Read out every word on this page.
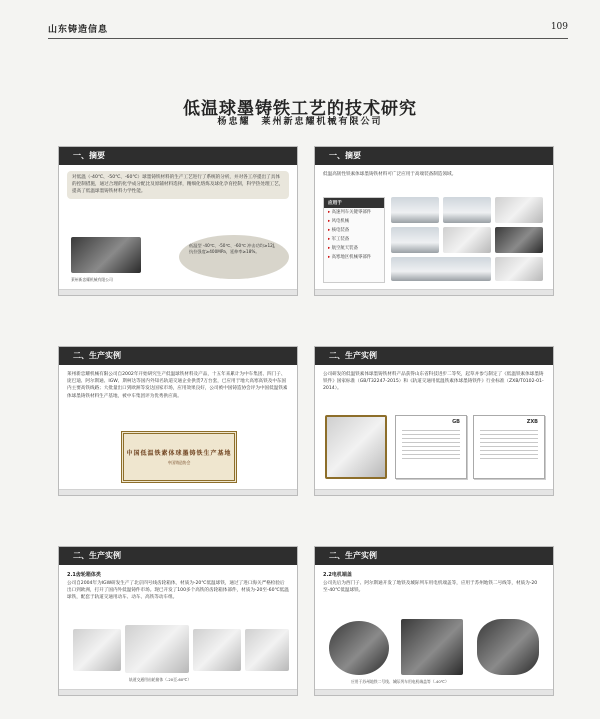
山东铸造信息	109
低温球墨铸铁工艺的技术研究
杨忠耀　莱州新忠耀机械有限公司
一、摘要
对低温（-40℃、-50℃、-60℃）球墨铸铁材料的生产工艺进行了系统的分析，并对各工序提出了具体的控制措施，通过合理的化学成分配比及原辅材料选择，精细化熔炼及球化孕育控制，科学热处理工艺，提高了低温球墨铸铁材料力学性能。
莱州新忠耀机械有限公司
低温型 -40℃、-50℃、-60℃ 冲击功均≥12J，抗拉强度≥400MPa，延伸率≥18%。
一、摘要
低温高韧性铁素体球墨铸铁材料可广泛应用于高端装备制造领域。
应用于
▸ 高速列车关键零部件
▸ 风电机械
▸ 核电装备
▸ 军工装备
▸ 航空航天装备
▸ 高寒地区机械零部件
二、生产实例
莱州新忠耀机械有限公司自2002年开始研究生产低温球铁材料及产品，十五年来累计为中车集团、四门子、庞巴迪、阿尔斯通、IGW、斯柯达等国内外知名轨道交通企业供货7万台套，已应用于地大高寒高铁及中东国内主要高铁线路；大批量出口到欧洲等发达国家市场，应用效果良好，公司被中国铸造协会评为中国低温铁素体球墨铸铁材料生产基地，被中车集团评为优秀供应商。
中国低温铁素体球墨铸铁生产基地
中国铸造协会
二、生产实例
公司研发的低温铁素体球墨铸铁材料产品获得山东省科技进步二等奖，起草并参与制定了《低温铁素体球墨铸铁件》国家标准（GB/T32247-2015）和《轨道交通用低温铁素体球墨铸铁件》行业标准（ZXB/T0102-01-2014）。
GB	ZXB
二、生产实例
2.1齿轮箱体类
公司自2004年为IGW研发生产了北京四号线齿轮箱体，材质为-20℃低温球铁，通过了进口海关严格检验后出口到欧洲，打开了国内外低温铸件市场。现已开发了100多个高铁的齿轮箱体部件，材质为-20至-60℃低温球铁，配套于轨道交通用动车、动车、高铁等动车组。
轨道交通用齿轮箱体（-20至-60℃）
二、生产实例
2.2电机端盖
公司先后为西门子、阿尔斯通开发了地铁及城际列车用电机端盖等，应用于苏州地铁二号线等，材质为-20至-40℃低温球铁。
应用于苏州地铁二号线、城际列车用电机端盖等（-40℃）
